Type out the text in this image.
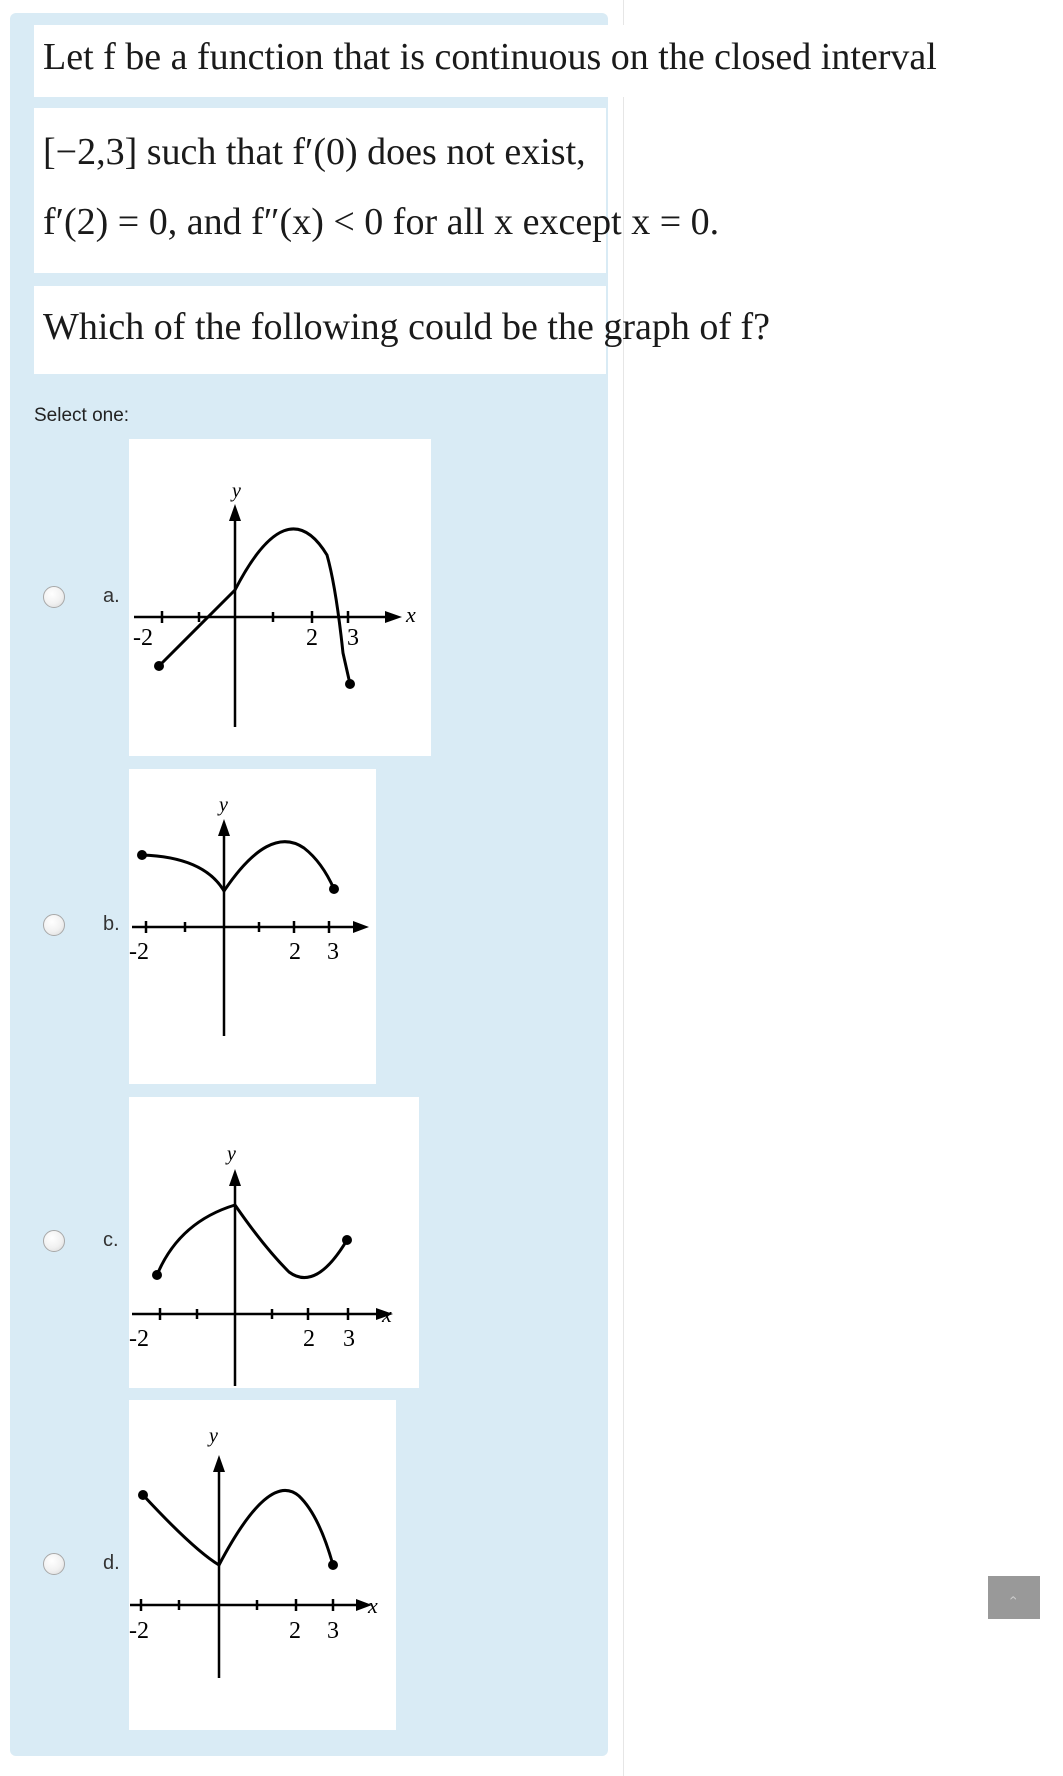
Let f be a function that is continuous on the closed interval
[−2,3] such that f′(0) does not exist,
f′(2) = 0, and f″(x) < 0 for all x except x = 0.
Which of the following could be the graph of f?
Select one:
a.
y
x
-2	2 3
b.
y
-2	2 3
c.
y
x
-2	2 3
d.
y
x
-2	2 3
‹
